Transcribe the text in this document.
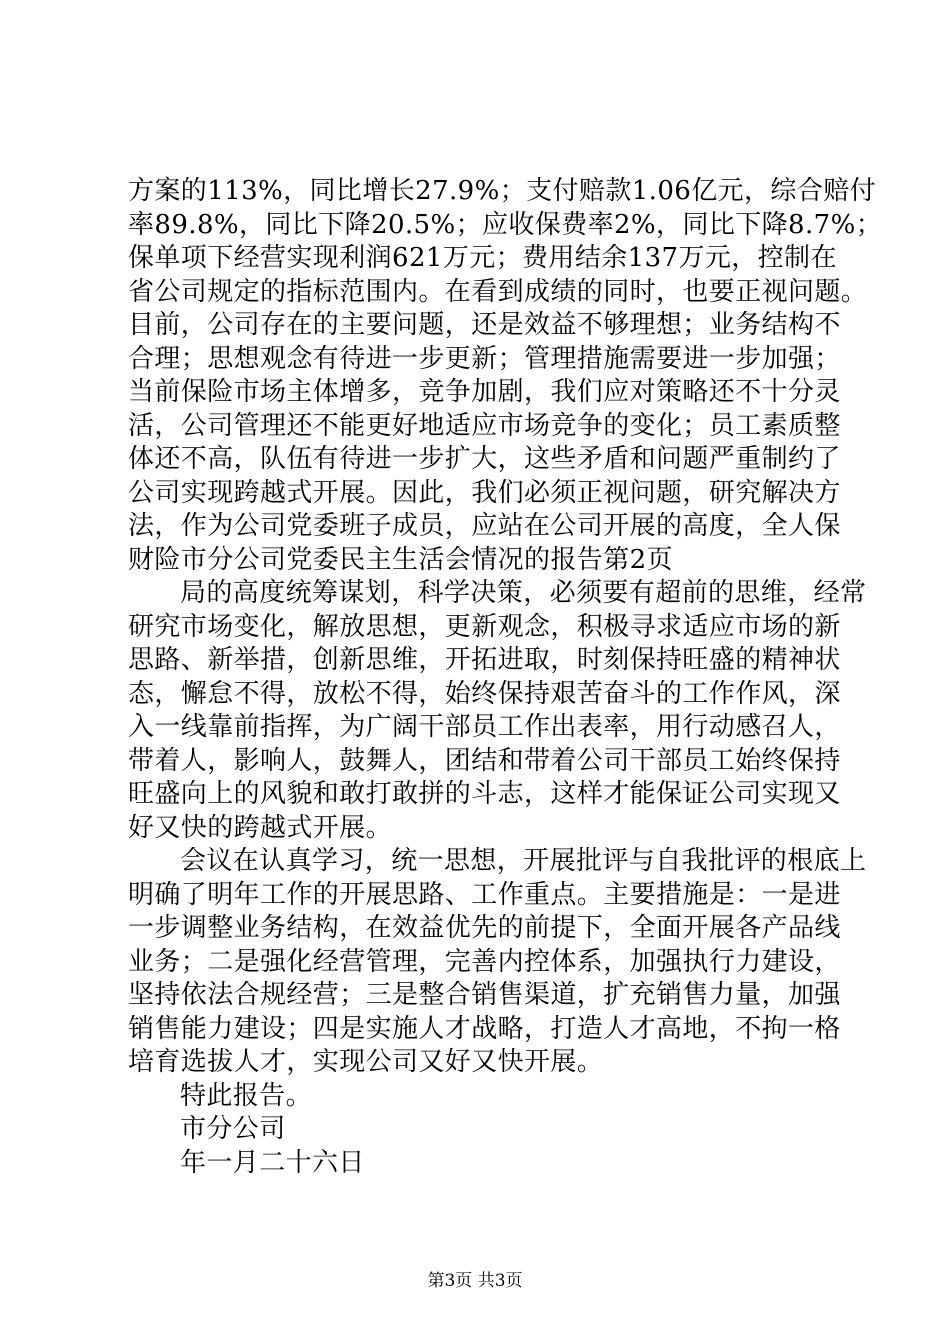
方案的113%，同比增长27.9%；支付赔款1.06亿元，综合赔付
率89.8%，同比下降20.5%；应收保费率2%，同比下降8.7%；
保单项下经营实现利润621万元；费用结余137万元，控制在
省公司规定的指标范围内。在看到成绩的同时，也要正视问题。
目前，公司存在的主要问题，还是效益不够理想；业务结构不
合理；思想观念有待进一步更新；管理措施需要进一步加强；
当前保险市场主体增多，竞争加剧，我们应对策略还不十分灵
活，公司管理还不能更好地适应市场竞争的变化；员工素质整
体还不高，队伍有待进一步扩大，这些矛盾和问题严重制约了
公司实现跨越式开展。因此，我们必须正视问题，研究解决方
法，作为公司党委班子成员，应站在公司开展的高度，全人保
财险市分公司党委民主生活会情况的报告第2页
局的高度统筹谋划，科学决策，必须要有超前的思维，经常
研究市场变化，解放思想，更新观念，积极寻求适应市场的新
思路、新举措，创新思维，开拓进取，时刻保持旺盛的精神状
态，懈怠不得，放松不得，始终保持艰苦奋斗的工作作风，深
入一线靠前指挥，为广阔干部员工作出表率，用行动感召人，
带着人，影响人，鼓舞人，团结和带着公司干部员工始终保持
旺盛向上的风貌和敢打敢拼的斗志，这样才能保证公司实现又
好又快的跨越式开展。
会议在认真学习，统一思想，开展批评与自我批评的根底上
明确了明年工作的开展思路、工作重点。主要措施是：一是进
一步调整业务结构，在效益优先的前提下，全面开展各产品线
业务；二是强化经营管理，完善内控体系，加强执行力建设，
坚持依法合规经营；三是整合销售渠道，扩充销售力量，加强
销售能力建设；四是实施人才战略，打造人才高地，不拘一格
培育选拔人才，实现公司又好又快开展。
特此报告。
市分公司
年一月二十六日
第3页 共3页
